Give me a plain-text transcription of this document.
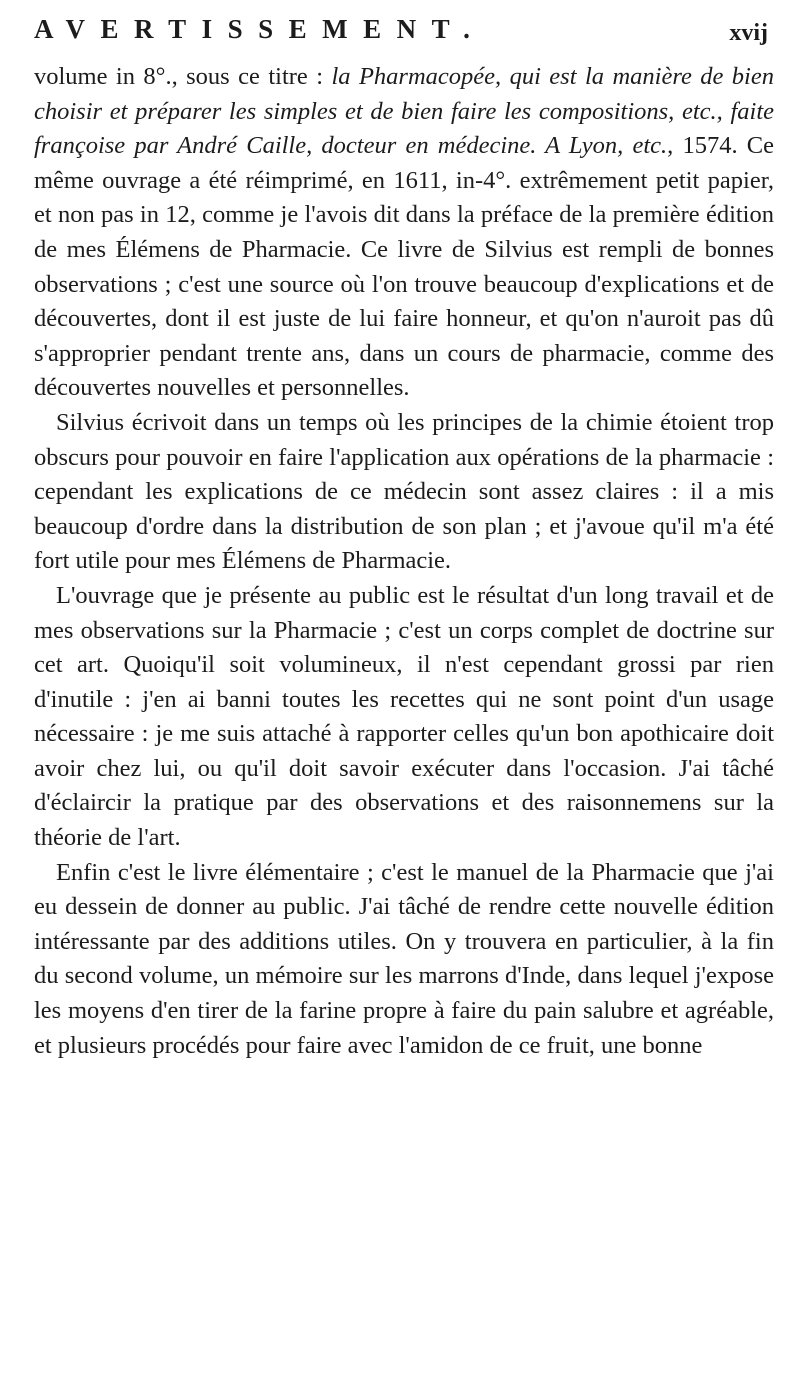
AVERTISSEMENT.	xvij

volume in 8°., sous ce titre : la Pharmacopée, qui est la manière de bien choisir et préparer les simples et de bien faire les compositions, etc., faite françoise par André Caille, docteur en médecine. A Lyon, etc., 1574. Ce même ouvrage a été réimprimé, en 1611, in-4°. extrêmement petit papier, et non pas in 12, comme je l'avois dit dans la préface de la première édition de mes Élémens de Pharmacie. Ce livre de Silvius est rempli de bonnes observations ; c'est une source où l'on trouve beaucoup d'explications et de découvertes, dont il est juste de lui faire honneur, et qu'on n'auroit pas dû s'approprier pendant trente ans, dans un cours de pharmacie, comme des découvertes nouvelles et personnelles.

Silvius écrivoit dans un temps où les principes de la chimie étoient trop obscurs pour pouvoir en faire l'application aux opérations de la pharmacie : cependant les explications de ce médecin sont assez claires : il a mis beaucoup d'ordre dans la distribution de son plan ; et j'avoue qu'il m'a été fort utile pour mes Élémens de Pharmacie.

L'ouvrage que je présente au public est le résultat d'un long travail et de mes observations sur la Pharmacie ; c'est un corps complet de doctrine sur cet art. Quoiqu'il soit volumineux, il n'est cependant grossi par rien d'inutile : j'en ai banni toutes les recettes qui ne sont point d'un usage nécessaire : je me suis attaché à rapporter celles qu'un bon apothicaire doit avoir chez lui, ou qu'il doit savoir exécuter dans l'occasion. J'ai tâché d'éclaircir la pratique par des observations et des raisonnemens sur la théorie de l'art.

Enfin c'est le livre élémentaire ; c'est le manuel de la Pharmacie que j'ai eu dessein de donner au public. J'ai tâché de rendre cette nouvelle édition intéressante par des additions utiles. On y trouvera en particulier, à la fin du second volume, un mémoire sur les marrons d'Inde, dans lequel j'expose les moyens d'en tirer de la farine propre à faire du pain salubre et agréable, et plusieurs procédés pour faire avec l'amidon de ce fruit, une bonne
